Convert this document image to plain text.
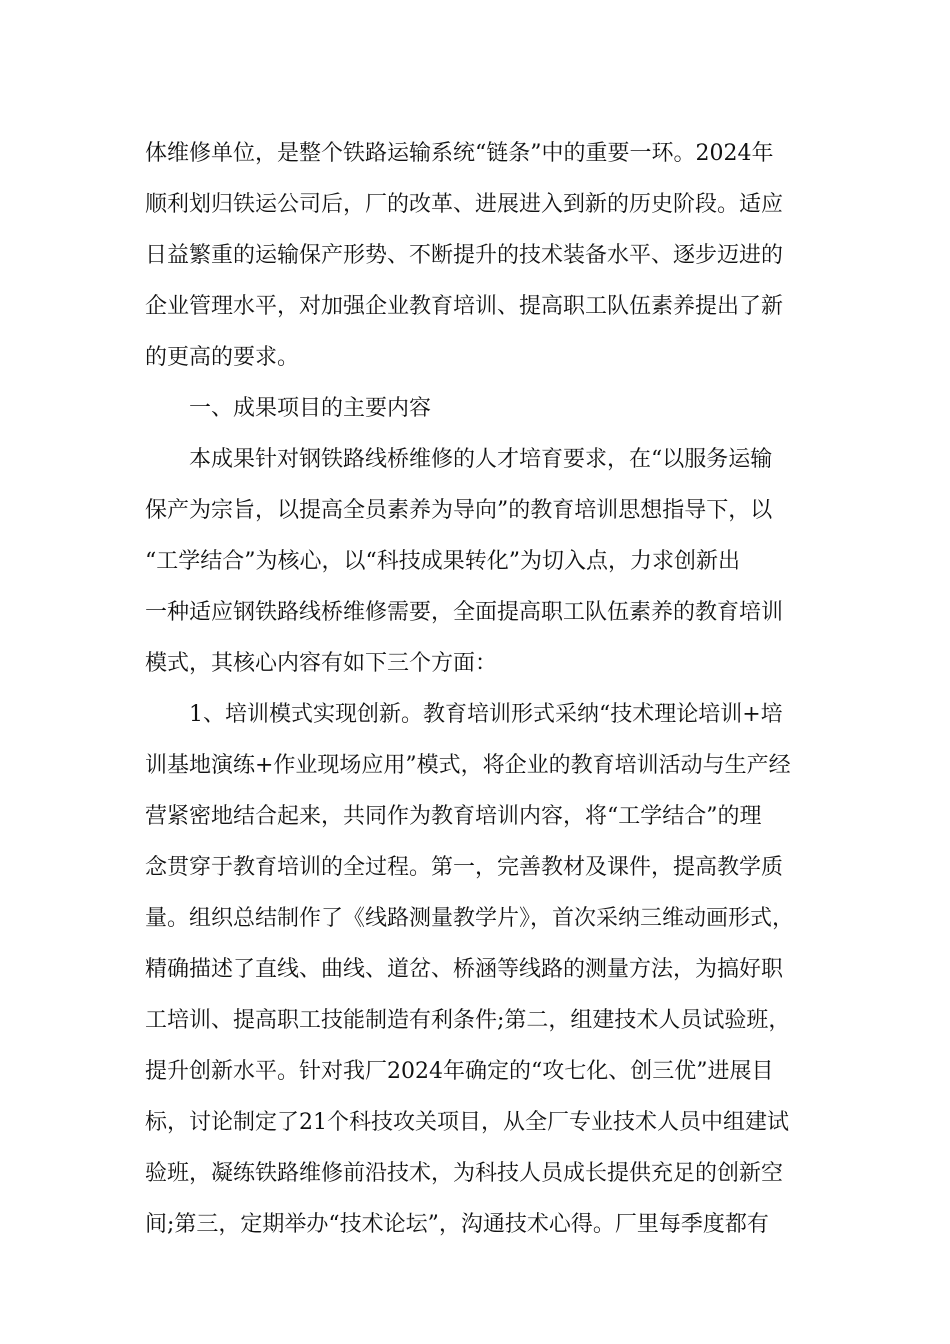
体维修单位，是整个铁路运输系统“链条”中的重要一环。2024年
顺利划归铁运公司后，厂的改革、进展进入到新的历史阶段。适应
日益繁重的运输保产形势、不断提升的技术装备水平、逐步迈进的
企业管理水平，对加强企业教育培训、提高职工队伍素养提出了新
的更高的要求。
一、成果项目的主要内容
本成果针对钢铁路线桥维修的人才培育要求，在“以服务运输
保产为宗旨，以提高全员素养为导向”的教育培训思想指导下，以
“工学结合”为核心，以“科技成果转化”为切入点，力求创新出
一种适应钢铁路线桥维修需要，全面提高职工队伍素养的教育培训
模式，其核心内容有如下三个方面：
1、培训模式实现创新。教育培训形式采纳“技术理论培训+培
训基地演练+作业现场应用”模式，将企业的教育培训活动与生产经
营紧密地结合起来，共同作为教育培训内容，将“工学结合”的理
念贯穿于教育培训的全过程。第一，完善教材及课件，提高教学质
量。组织总结制作了《线路测量教学片》，首次采纳三维动画形式，
精确描述了直线、曲线、道岔、桥涵等线路的测量方法，为搞好职
工培训、提高职工技能制造有利条件;第二，组建技术人员试验班，
提升创新水平。针对我厂2024年确定的“攻七化、创三优”进展目
标，讨论制定了21个科技攻关项目，从全厂专业技术人员中组建试
验班，凝练铁路维修前沿技术，为科技人员成长提供充足的创新空
间;第三，定期举办“技术论坛”，沟通技术心得。厂里每季度都有
